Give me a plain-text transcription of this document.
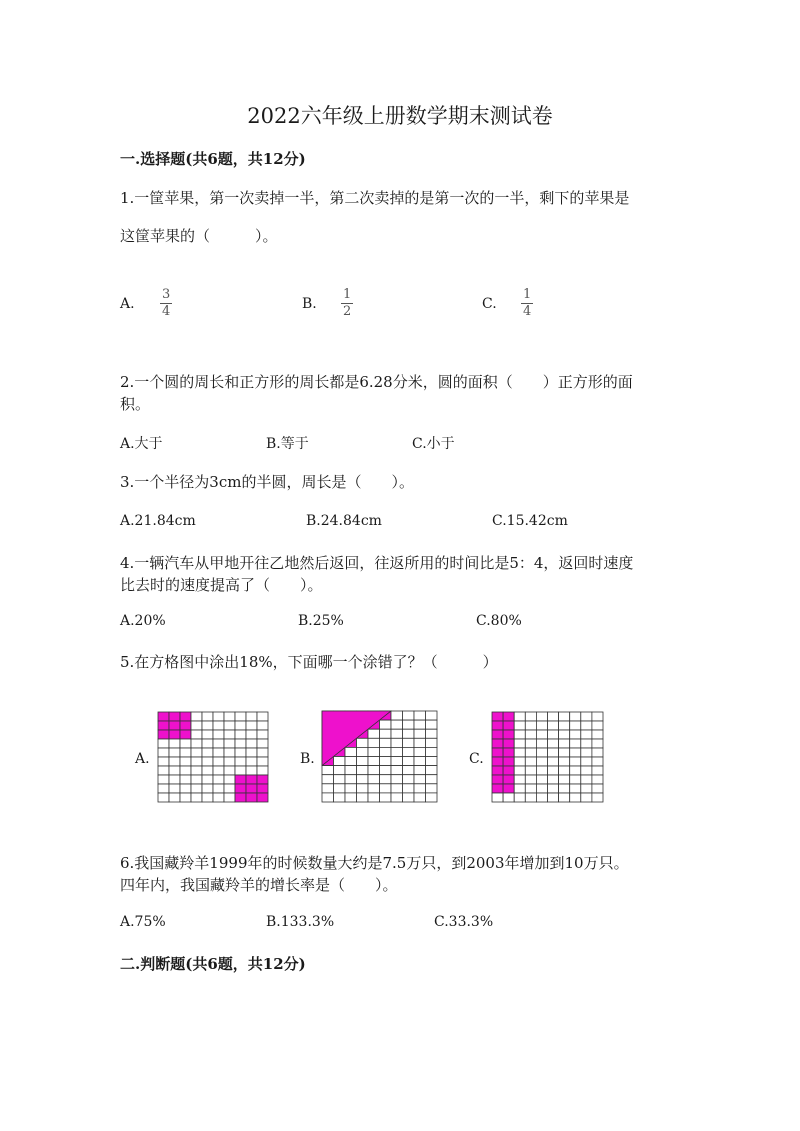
2022六年级上册数学期末测试卷
一.选择题(共6题，共12分)
1.一筐苹果，第一次卖掉一半，第二次卖掉的是第一次的一半，剩下的苹果是
这筐苹果的（　　　）。
A. $\frac{3}{4}$	B. $\frac{1}{2}$	C. $\frac{1}{4}$
2.一个圆的周长和正方形的周长都是6.28分米，圆的面积（　　）正方形的面
积。
A.大于	B.等于	C.小于
3.一个半径为3cm的半圆，周长是（　　）。
A.21.84cm	B.24.84cm	C.15.42cm
4.一辆汽车从甲地开往乙地然后返回，往返所用的时间比是5：4，返回时速度
比去时的速度提高了（　　）。
A.20%	B.25%	C.80%
5.在方格图中涂出18%，下面哪一个涂错了？（　　　）
A.	B.	C.
6.我国藏羚羊1999年的时候数量大约是7.5万只，到2003年增加到10万只。
四年内，我国藏羚羊的增长率是（　　）。
A.75%	B.133.3%	C.33.3%
二.判断题(共6题，共12分)
